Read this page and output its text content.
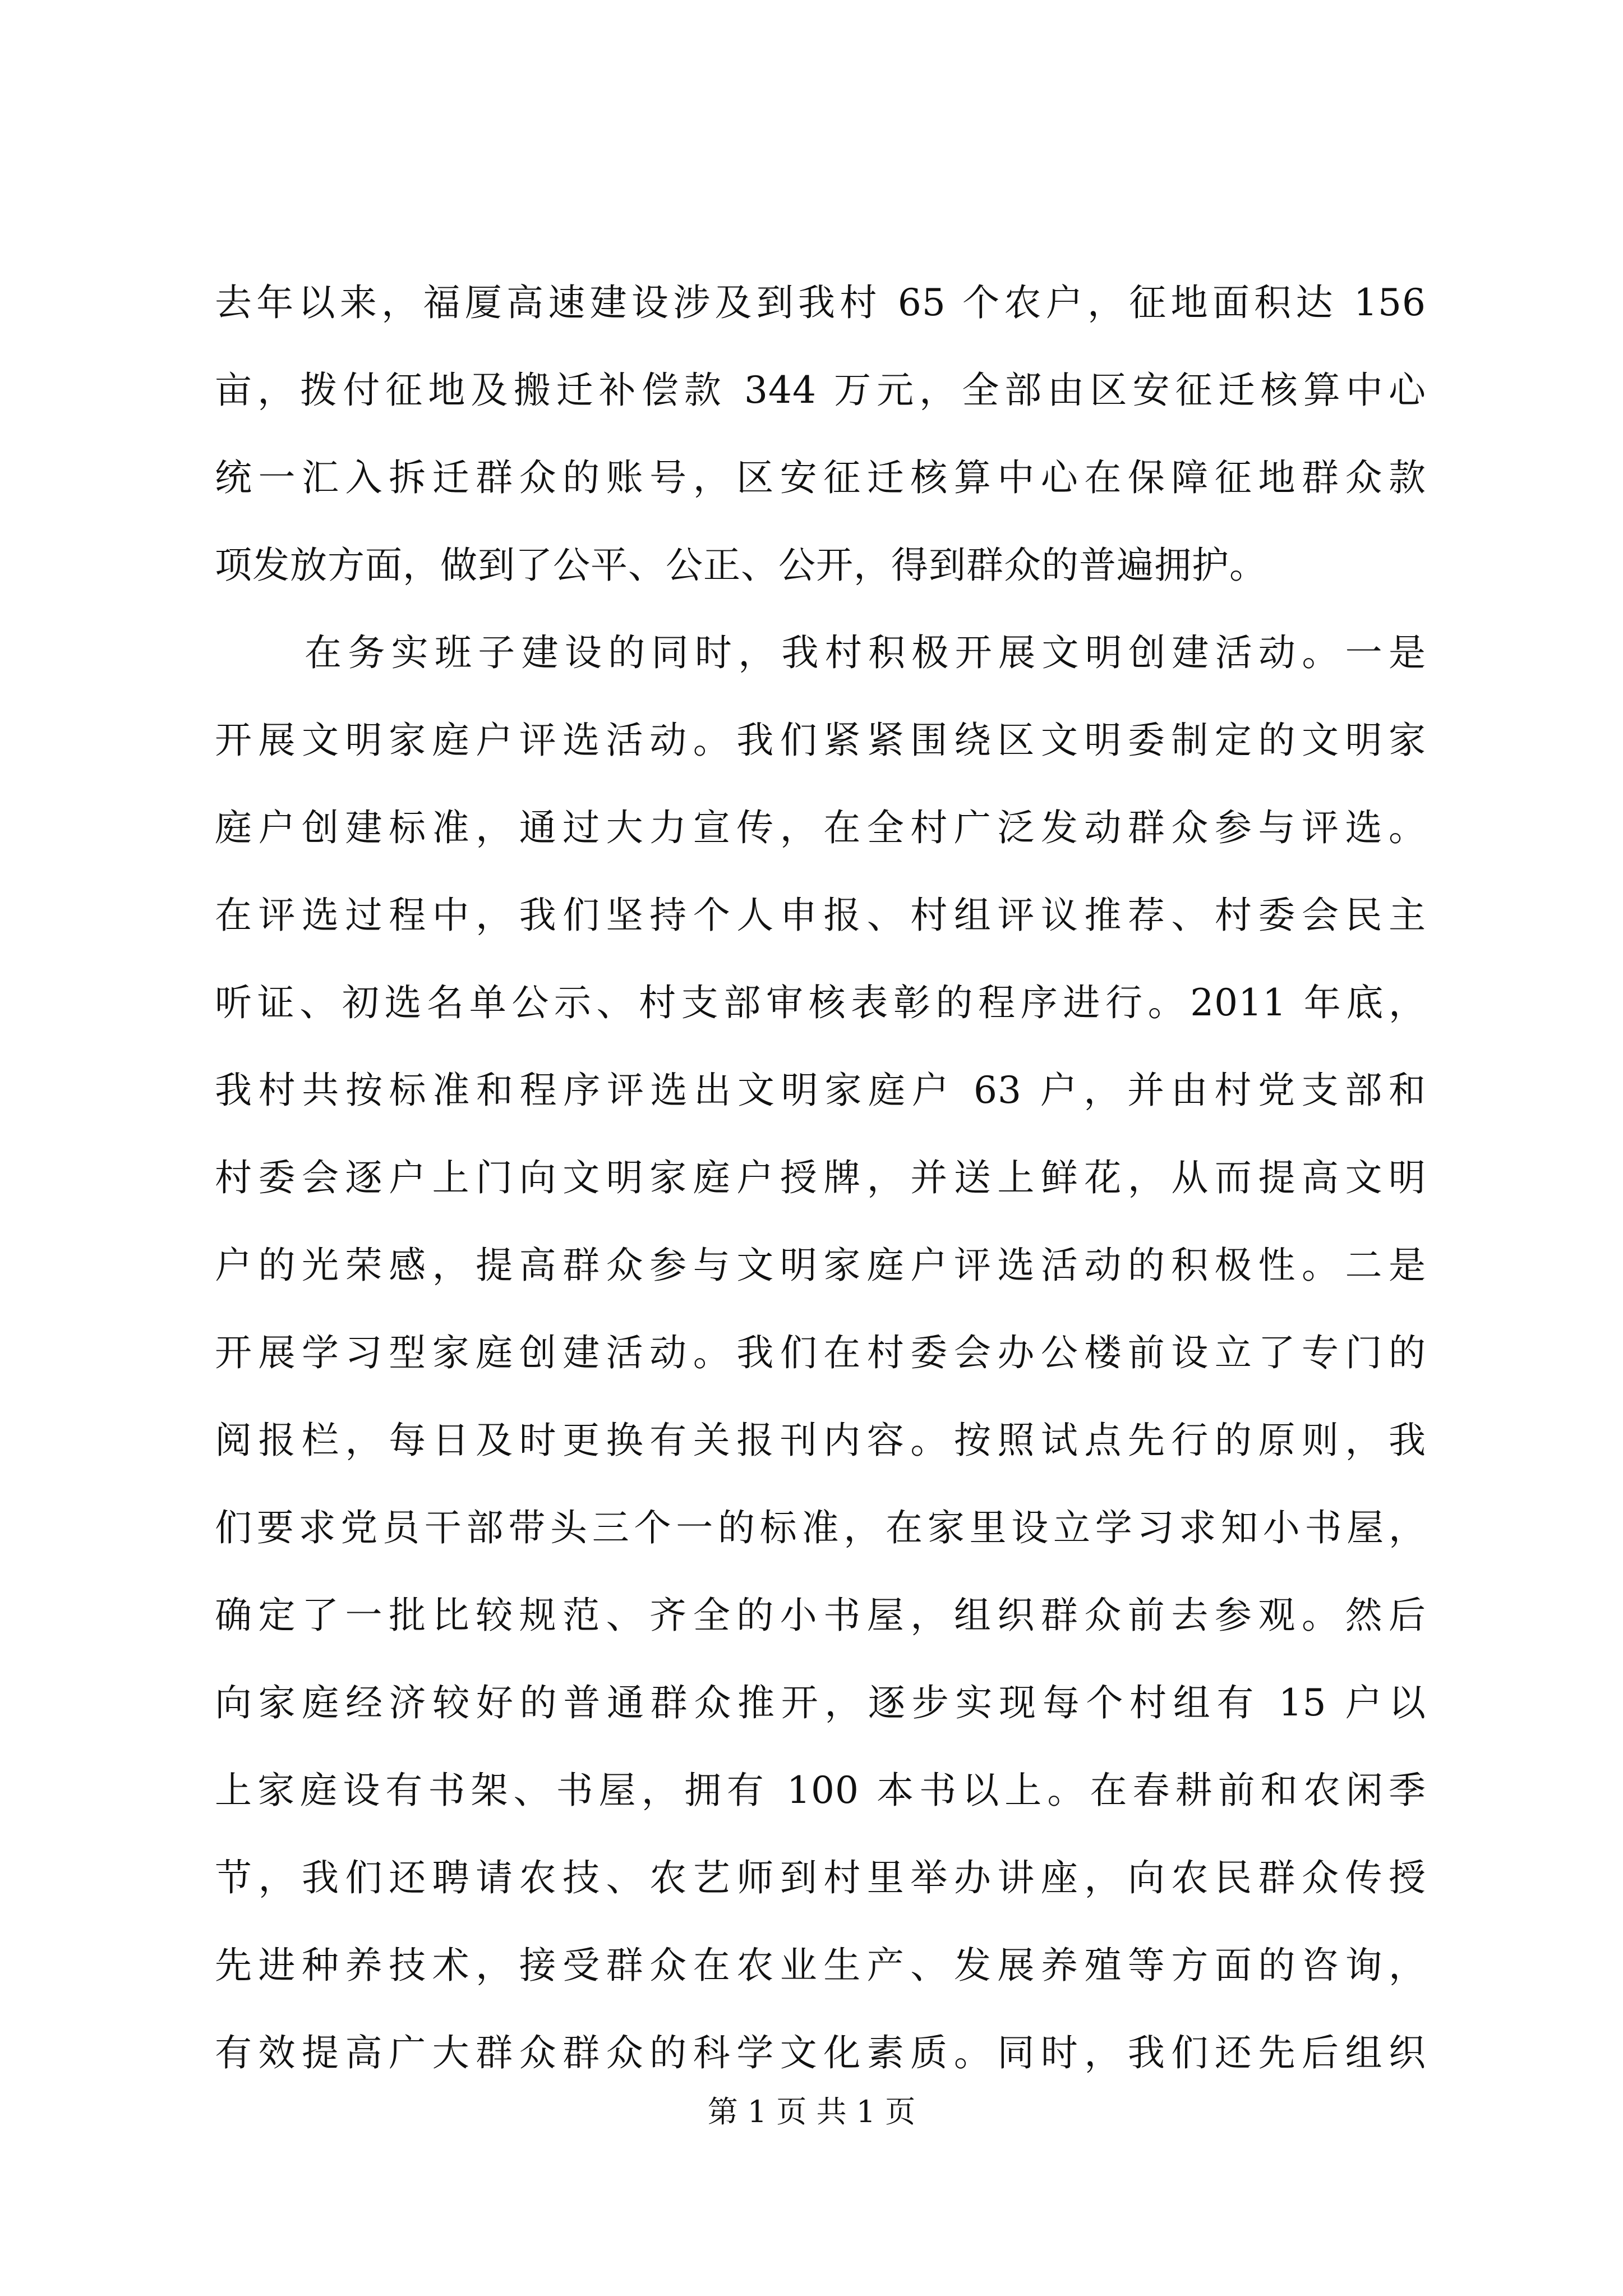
去年以来，福厦高速建设涉及到我村 65 个农户，征地面积达 156
亩，拨付征地及搬迁补偿款 344 万元，全部由区安征迁核算中心
统一汇入拆迁群众的账号，区安征迁核算中心在保障征地群众款
项发放方面，做到了公平、公正、公开，得到群众的普遍拥护。
在务实班子建设的同时，我村积极开展文明创建活动。一是
开展文明家庭户评选活动。我们紧紧围绕区文明委制定的文明家
庭户创建标准，通过大力宣传，在全村广泛发动群众参与评选。
在评选过程中，我们坚持个人申报、村组评议推荐、村委会民主
听证、初选名单公示、村支部审核表彰的程序进行。2011 年底，
我村共按标准和程序评选出文明家庭户 63 户，并由村党支部和
村委会逐户上门向文明家庭户授牌，并送上鲜花，从而提高文明
户的光荣感，提高群众参与文明家庭户评选活动的积极性。二是
开展学习型家庭创建活动。我们在村委会办公楼前设立了专门的
阅报栏，每日及时更换有关报刊内容。按照试点先行的原则，我
们要求党员干部带头三个一的标准，在家里设立学习求知小书屋，
确定了一批比较规范、齐全的小书屋，组织群众前去参观。然后
向家庭经济较好的普通群众推开，逐步实现每个村组有 15 户以
上家庭设有书架、书屋，拥有 100 本书以上。在春耕前和农闲季
节，我们还聘请农技、农艺师到村里举办讲座，向农民群众传授
先进种养技术，接受群众在农业生产、发展养殖等方面的咨询，
有效提高广大群众群众的科学文化素质。同时，我们还先后组织
第 1 页 共 1 页
